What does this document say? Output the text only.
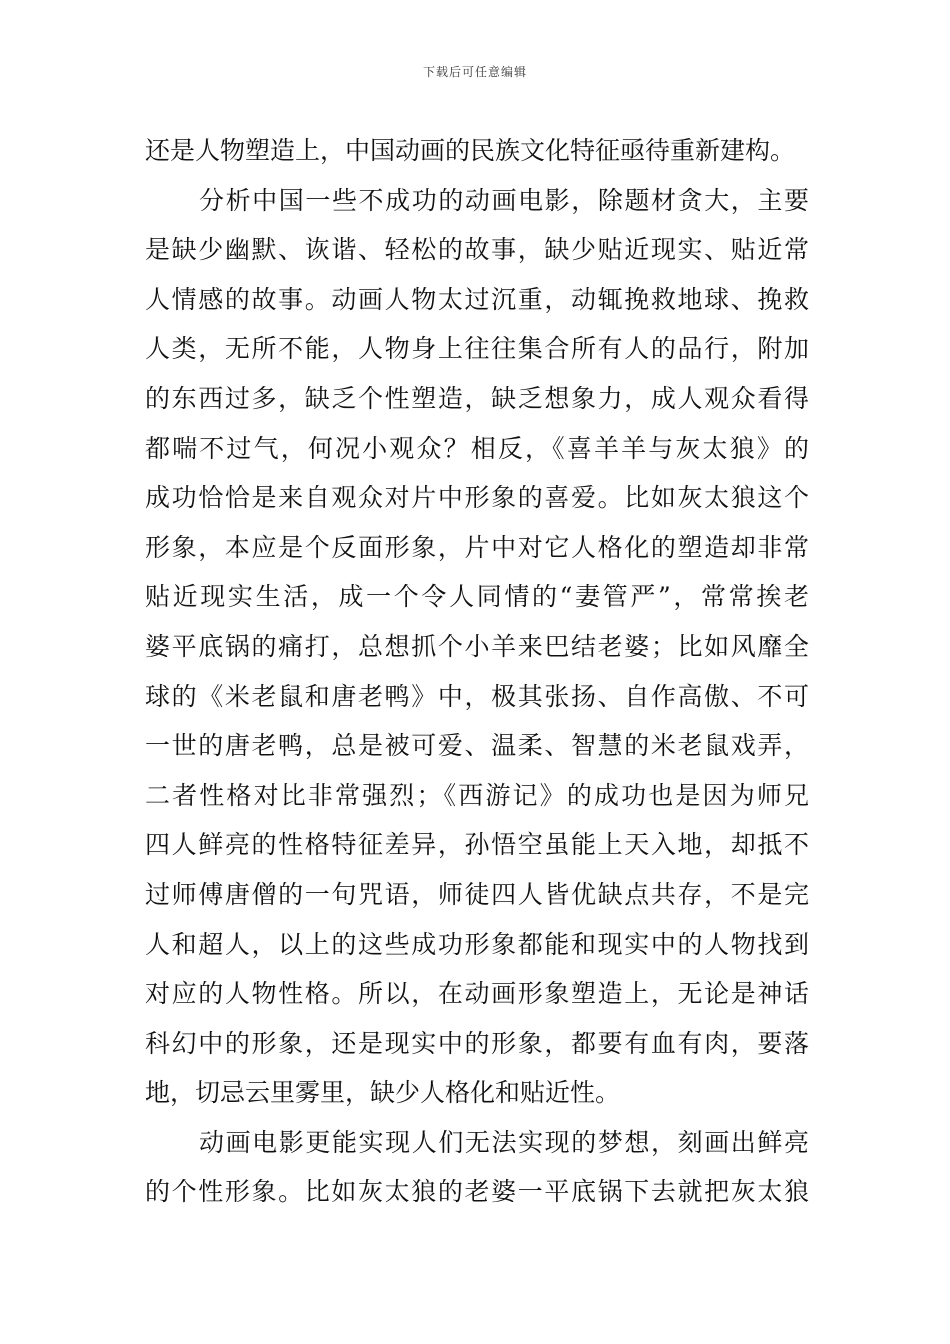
下载后可任意编辑
还是人物塑造上，中国动画的民族文化特征亟待重新建构。
分析中国一些不成功的动画电影，除题材贪大，主要
是缺少幽默、诙谐、轻松的故事，缺少贴近现实、贴近常
人情感的故事。动画人物太过沉重，动辄挽救地球、挽救
人类，无所不能，人物身上往往集合所有人的品行，附加
的东西过多，缺乏个性塑造，缺乏想象力，成人观众看得
都喘不过气，何况小观众？相反，《喜羊羊与灰太狼》的
成功恰恰是来自观众对片中形象的喜爱。比如灰太狼这个
形象，本应是个反面形象，片中对它人格化的塑造却非常
贴近现实生活，成一个令人同情的“妻管严”，常常挨老
婆平底锅的痛打，总想抓个小羊来巴结老婆；比如风靡全
球的《米老鼠和唐老鸭》中，极其张扬、自作高傲、不可
一世的唐老鸭，总是被可爱、温柔、智慧的米老鼠戏弄，
二者性格对比非常强烈；《西游记》的成功也是因为师兄
四人鲜亮的性格特征差异，孙悟空虽能上天入地，却抵不
过师傅唐僧的一句咒语，师徒四人皆优缺点共存，不是完
人和超人，以上的这些成功形象都能和现实中的人物找到
对应的人物性格。所以，在动画形象塑造上，无论是神话
科幻中的形象，还是现实中的形象，都要有血有肉，要落
地，切忌云里雾里，缺少人格化和贴近性。
动画电影更能实现人们无法实现的梦想，刻画出鲜亮
的个性形象。比如灰太狼的老婆一平底锅下去就把灰太狼
